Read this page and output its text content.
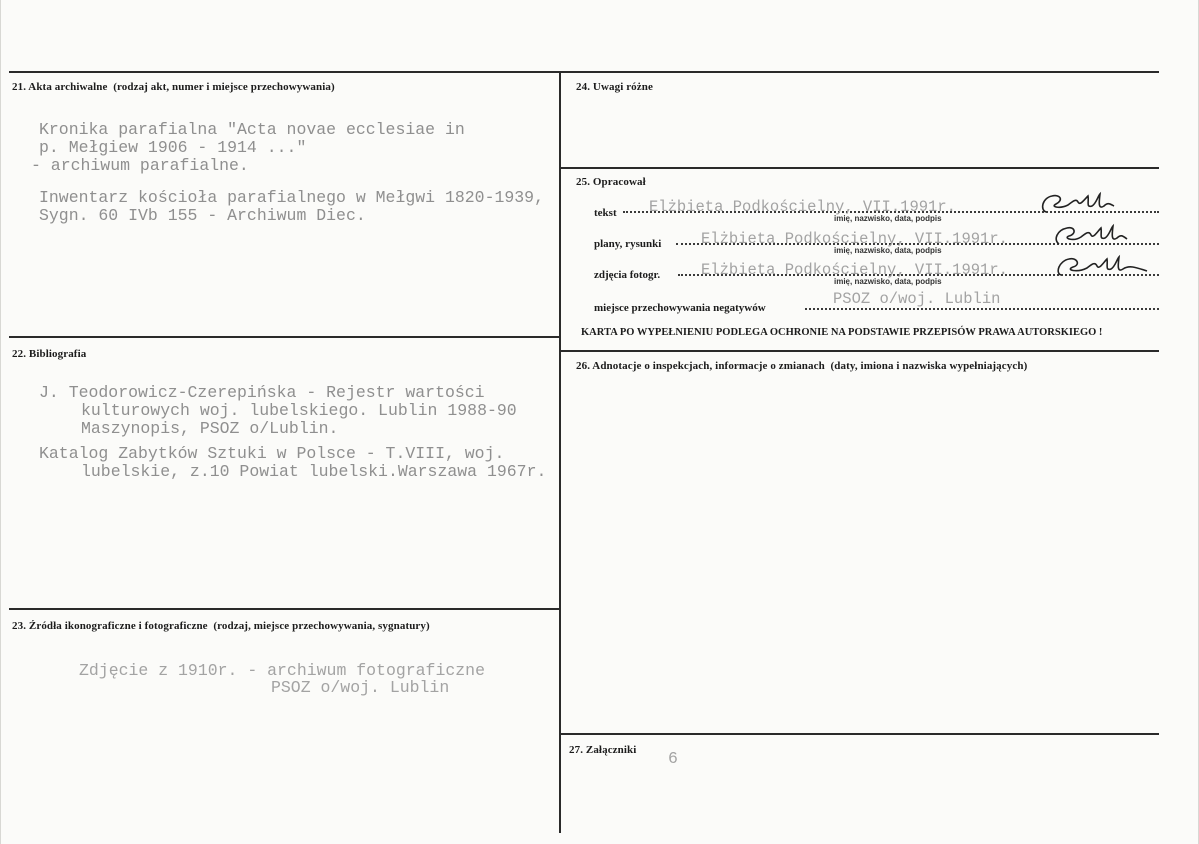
21. Akta archiwalne (rodzaj akt, numer i miejsce przechowywania)
Kronika parafialna "Acta novae ecclesiae in
p. Mełgiew 1906 - 1914 ..."
- archiwum parafialne.
Inwentarz kościoła parafialnego w Mełgwi 1820-1939,
Sygn. 60 IVb 155 - Archiwum Diec.
22. Bibliografia
J. Teodorowicz-Czerepińska - Rejestr wartości
kulturowych woj. lubelskiego. Lublin 1988-90
Maszynopis, PSOZ o/Lublin.
Katalog Zabytków Sztuki w Polsce - T.VIII, woj.
lubelskie, z.10 Powiat lubelski.Warszawa 1967r.
23. Źródła ikonograficzne i fotograficzne (rodzaj, miejsce przechowywania, sygnatury)
Zdjęcie z 1910r. - archiwum fotograficzne
PSOZ o/woj. Lublin
24. Uwagi różne
25. Opracował
tekst Elżbieta Podkościelny, VII.1991r.
imię, nazwisko, data, podpis
plany, rysunki	Elżbieta Podkościelny, VII.1991r.
imię, nazwisko, data, podpis
zdjęcia fotogr.	Elżbieta Podkościelny, VII.1991r.
imię, nazwisko, data, podpis
miejsce przechowywania negatywów	PSOZ o/woj. Lublin
KARTA PO WYPEŁNIENIU PODLEGA OCHRONIE NA PODSTAWIE PRZEPISÓW PRAWA AUTORSKIEGO !
26. Adnotacje o inspekcjach, informacje o zmianach (daty, imiona i nazwiska wypełniających)
27. Załączniki 6
